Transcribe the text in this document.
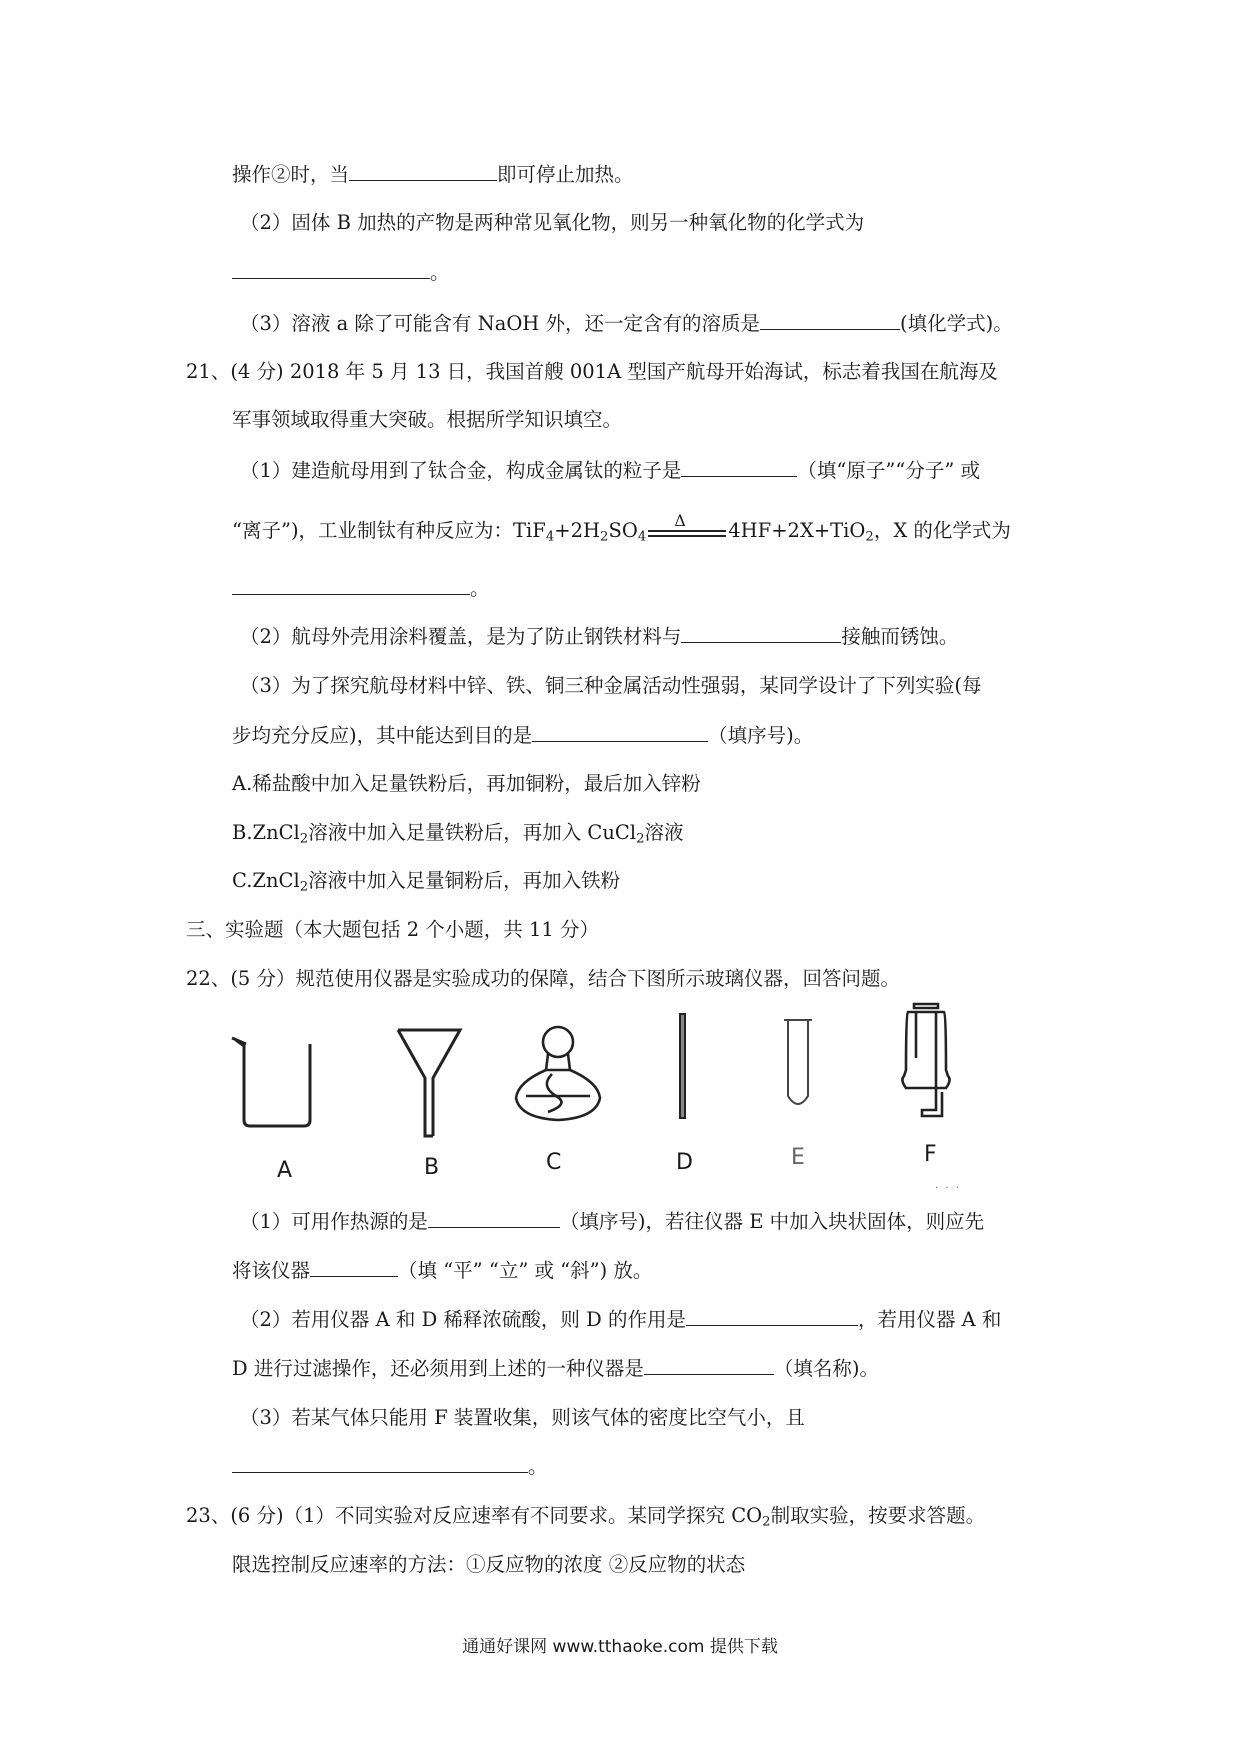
操作②时，当	即可停止加热。
（2）固体 B 加热的产物是两种常见氧化物，则另一种氧化物的化学式为
。
（3）溶液 a 除了可能含有 NaOH 外，还一定含有的溶质是	(填化学式)。
21、(4 分) 2018 年 5 月 13 日，我国首艘 001A 型国产航母开始海试，标志着我国在航海及
军事领域取得重大突破。根据所学知识填空。
（1）建造航母用到了钛合金，构成金属钛的粒子是	（填“原子”“分子” 或
“离子”)，工业制钛有种反应为：$TiF_4+2H_2SO_4$
Δ 4HF+2X+TiO$_2$，X 的化学式为
。
（2）航母外壳用涂料覆盖，是为了防止钢铁材料与	接触而锈蚀。
（3）为了探究航母材料中锌、铁、铜三种金属活动性强弱，某同学设计了下列实验(每
步均充分反应)，其中能达到目的是	（填序号)。
A.稀盐酸中加入足量铁粉后，再加铜粉，最后加入锌粉
B.ZnCl$_2$溶液中加入足量铁粉后，再加入 CuCl$_2$溶液
C.ZnCl$_2$溶液中加入足量铜粉后，再加入铁粉
三、实验题（本大题包括 2 个小题，共 11 分）
22、(5 分）规范使用仪器是实验成功的保障，结合下图所示玻璃仪器，回答问题。
A	B	C	D	E	F
· · ·
（1）可用作热源的是	（填序号)，若往仪器 E 中加入块状固体，则应先
将该仪器	（填 “平” “立” 或 “斜”) 放。
（2）若用仪器 A 和 D 稀释浓硫酸，则 D 的作用是	，若用仪器 A 和
D 进行过滤操作，还必须用到上述的一种仪器是	（填名称)。
（3）若某气体只能用 F 装置收集，则该气体的密度比空气小，且
。
23、(6 分)（1）不同实验对反应速率有不同要求。某同学探究 $CO_2$制取实验，按要求答题。
限选控制反应速率的方法：①反应物的浓度 ②反应物的状态
通通好课网 www.tthaoke.com 提供下载
